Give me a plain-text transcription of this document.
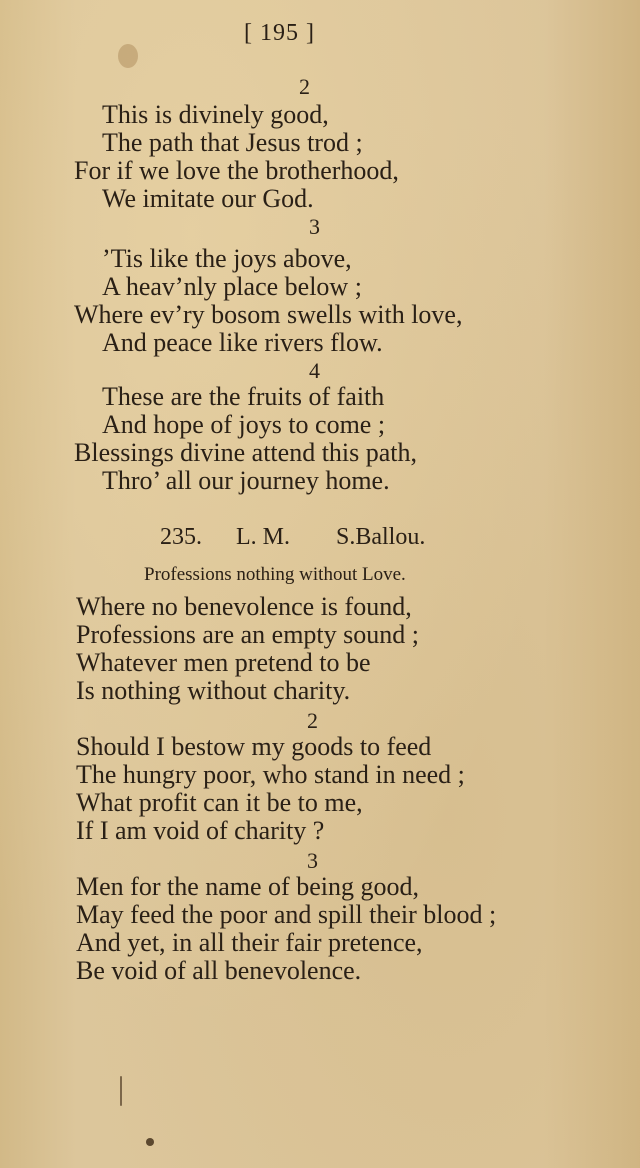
[ 195 ]
2
This is divinely good,
The path that Jesus trod ;
For if we love the brotherhood,
We imitate our God.
3
’Tis like the joys above,
A heav’nly place below ;
Where ev’ry bosom swells with love,
And peace like rivers flow.
4
These are the fruits of faith
And hope of joys to come ;
Blessings divine attend this path,
Thro’ all our journey home.
235. L. M. S.Ballou.
Professions nothing without Love.
Where no benevolence is found,
Professions are an empty sound ;
Whatever men pretend to be
Is nothing without charity.
2
Should I bestow my goods to feed
The hungry poor, who stand in need ;
What profit can it be to me,
If I am void of charity ?
3
Men for the name of being good,
May feed the poor and spill their blood ;
And yet, in all their fair pretence,
Be void of all benevolence.
